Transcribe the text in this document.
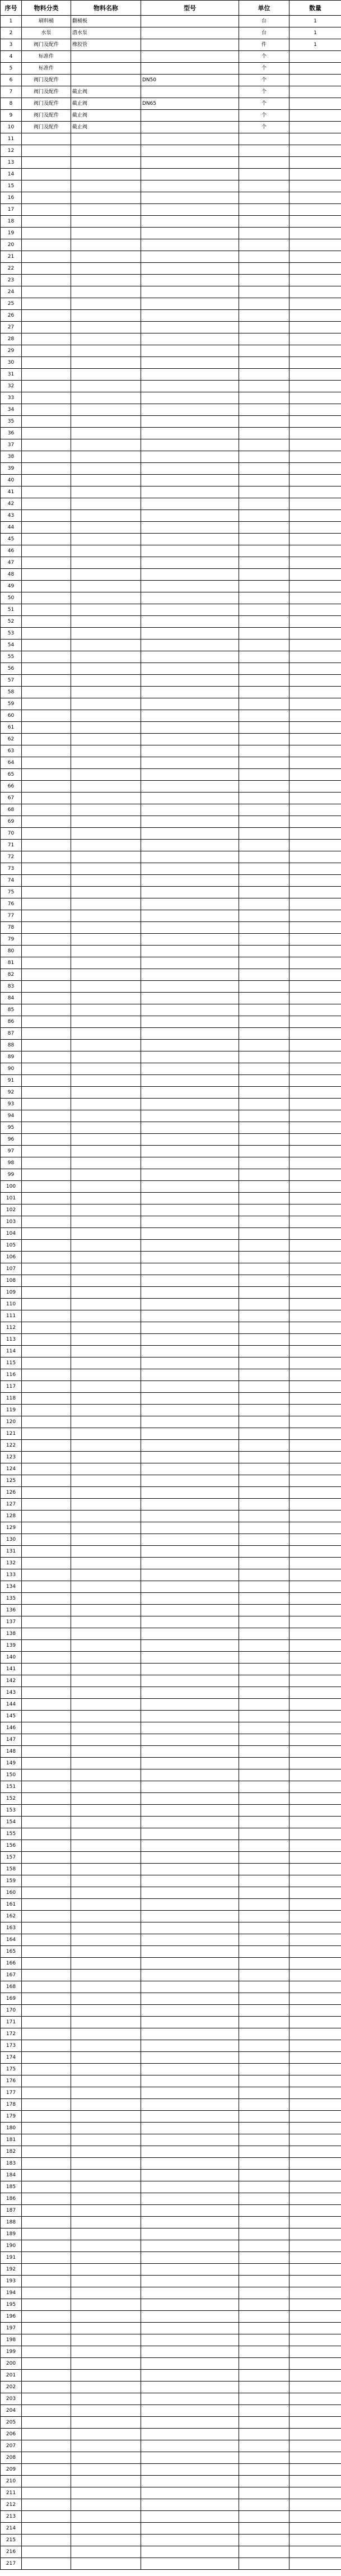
序号	物料分类	物料名称	型号	单位	数量
1	刷料桶	翻桶板		台	1
2	水泵	潜水泵		台	1
3	阀门及配件	橡胶管		件	1
4	标准件			个	
5	标准件			个	
6	阀门及配件		DN50	个	
7	阀门及配件	截止阀		个	
8	阀门及配件	截止阀	DN65	个	
9	阀门及配件	截止阀		个	
10	阀门及配件	截止阀		个	
11					
12					
13					
14					
15					
16					
17					
18					
19					
20					
21					
22					
23					
24					
25					
26					
27					
28					
29					
30					
31					
32					
33					
34					
35					
36					
37					
38					
39					
40					
41					
42					
43					
44					
45					
46					
47					
48					
49					
50					
51					
52					
53					
54					
55					
56					
57					
58					
59					
60					
61					
62					
63					
64					
65					
66					
67					
68					
69					
70					
71					
72					
73					
74					
75					
76					
77					
78					
79					
80					
81					
82					
83					
84					
85					
86					
87					
88					
89					
90					
91					
92					
93					
94					
95					
96					
97					
98					
99					
100					
101					
102					
103					
104					
105					
106					
107					
108					
109					
110					
111					
112					
113					
114					
115					
116					
117					
118					
119					
120					
121					
122					
123					
124					
125					
126					
127					
128					
129					
130					
131					
132					
133					
134					
135					
136					
137					
138					
139					
140					
141					
142					
143					
144					
145					
146					
147					
148					
149					
150					
151					
152					
153					
154					
155					
156					
157					
158					
159					
160					
161					
162					
163					
164					
165					
166					
167					
168					
169					
170					
171					
172					
173					
174					
175					
176					
177					
178					
179					
180					
181					
182					
183					
184					
185					
186					
187					
188					
189					
190					
191					
192					
193					
194					
195					
196					
197					
198					
199					
200					
201					
202					
203					
204					
205					
206					
207					
208					
209					
210					
211					
212					
213					
214					
215					
216					
217					
